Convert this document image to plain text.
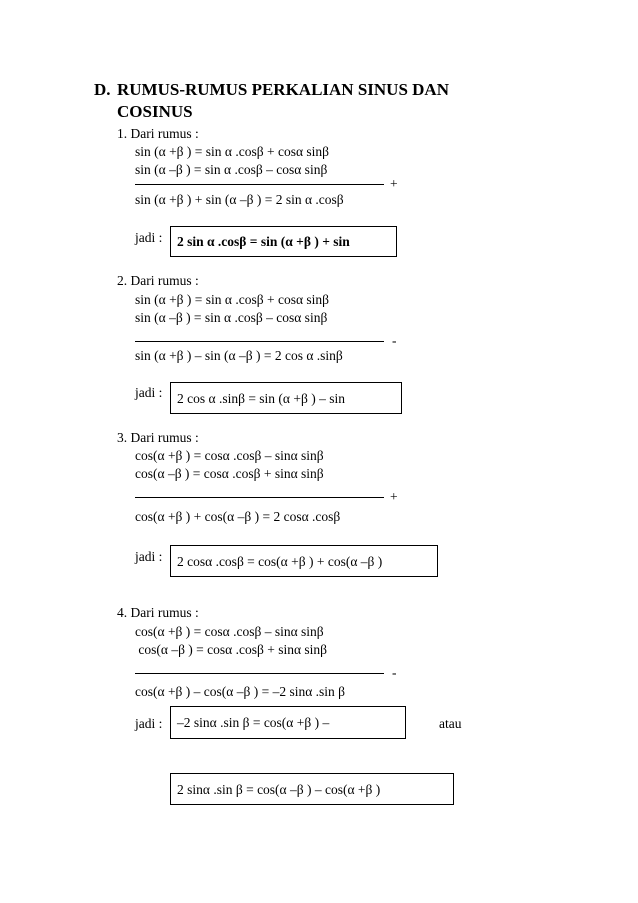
D. RUMUS-RUMUS PERKALIAN SINUS DAN
COSINUS
1. Dari rumus :
sin (α +β ) = sin α .cosβ + cosα sinβ
sin (α –β ) = sin α .cosβ – cosα sinβ
+
sin (α +β ) + sin (α –β ) = 2 sin α .cosβ
jadi : 2 sin α .cosβ = sin (α +β ) + sin
2. Dari rumus :
sin (α +β ) = sin α .cosβ + cosα sinβ
sin (α –β ) = sin α .cosβ – cosα sinβ
-
sin (α +β ) – sin (α –β ) = 2 cos α .sinβ
jadi : 2 cos α .sinβ = sin (α +β ) – sin
3. Dari rumus :
cos(α +β ) = cosα .cosβ – sinα sinβ
cos(α –β ) = cosα .cosβ + sinα sinβ
+
cos(α +β ) + cos(α –β ) = 2 cosα .cosβ
jadi : 2 cosα .cosβ = cos(α +β ) + cos(α –β )
4. Dari rumus :
cos(α +β ) = cosα .cosβ – sinα sinβ
cos(α –β ) = cosα .cosβ + sinα sinβ
-
cos(α +β ) – cos(α –β ) = –2 sinα .sin β
jadi : –2 sinα .sin β = cos(α +β ) –	atau
2 sinα .sin β = cos(α –β ) – cos(α +β )
